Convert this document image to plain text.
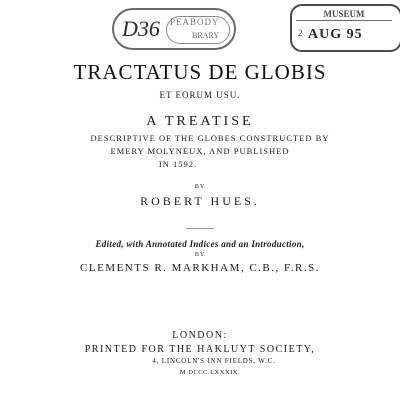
D36 PEABODY
BRARY
MUSEUM
2 AUG 95
TRACTATUS DE GLOBIS
ET EORUM USU.
A TREATISE
DESCRIPTIVE OF THE GLOBES CONSTRUCTED BY
EMERY MOLYNEUX, AND PUBLISHED
IN 1592.
BY
ROBERT HUES.
Edited, with Annotated Indices and an Introduction,
BY
CLEMENTS R. MARKHAM, C.B., F.R.S.
LONDON:
PRINTED FOR THE HAKLUYT SOCIETY,
4, LINCOLN'S INN FIELDS, W.C.
M.DCCC.LXXXIX.
